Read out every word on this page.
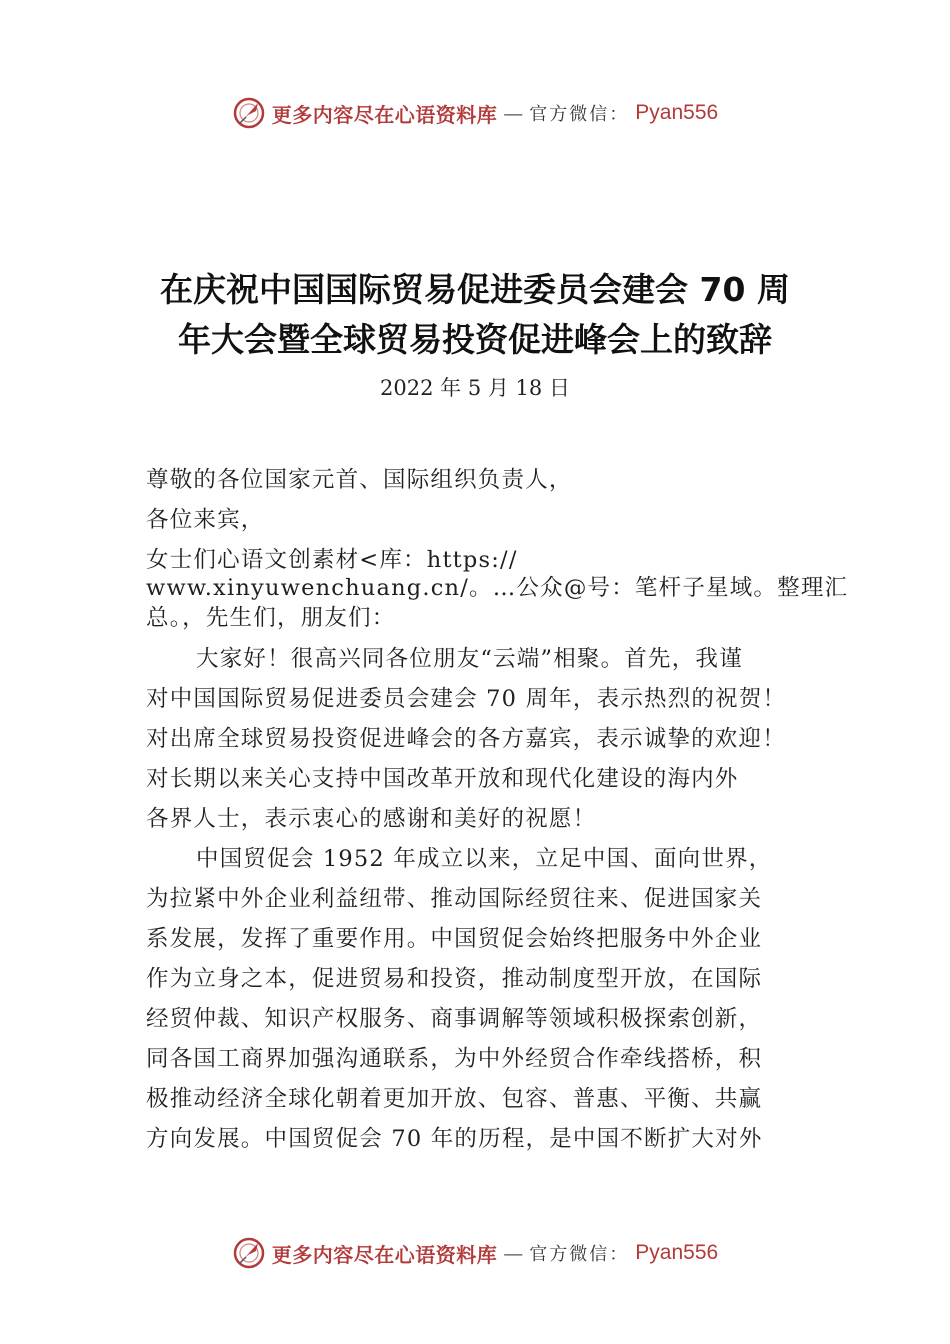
更多内容尽在心语资料库 — 官方微信： Pyan556
在庆祝中国国际贸易促进委员会建会 70 周
年大会暨全球贸易投资促进峰会上的致辞
2022 年 5 月 18 日
尊敬的各位国家元首、国际组织负责人，
各位来宾，
女士们心语文创素材<库：https://
www.xinyuwenchuang.cn/。…公众@号：笔杆子星域。整理汇
总。，先生们，朋友们：
大家好！很高兴同各位朋友“云端”相聚。首先，我谨
对中国国际贸易促进委员会建会 70 周年，表示热烈的祝贺！
对出席全球贸易投资促进峰会的各方嘉宾，表示诚挚的欢迎！
对长期以来关心支持中国改革开放和现代化建设的海内外
各界人士，表示衷心的感谢和美好的祝愿！
中国贸促会 1952 年成立以来，立足中国、面向世界，
为拉紧中外企业利益纽带、推动国际经贸往来、促进国家关
系发展，发挥了重要作用。中国贸促会始终把服务中外企业
作为立身之本，促进贸易和投资，推动制度型开放，在国际
经贸仲裁、知识产权服务、商事调解等领域积极探索创新，
同各国工商界加强沟通联系，为中外经贸合作牵线搭桥，积
极推动经济全球化朝着更加开放、包容、普惠、平衡、共赢
方向发展。中国贸促会 70 年的历程，是中国不断扩大对外
更多内容尽在心语资料库 — 官方微信： Pyan556
